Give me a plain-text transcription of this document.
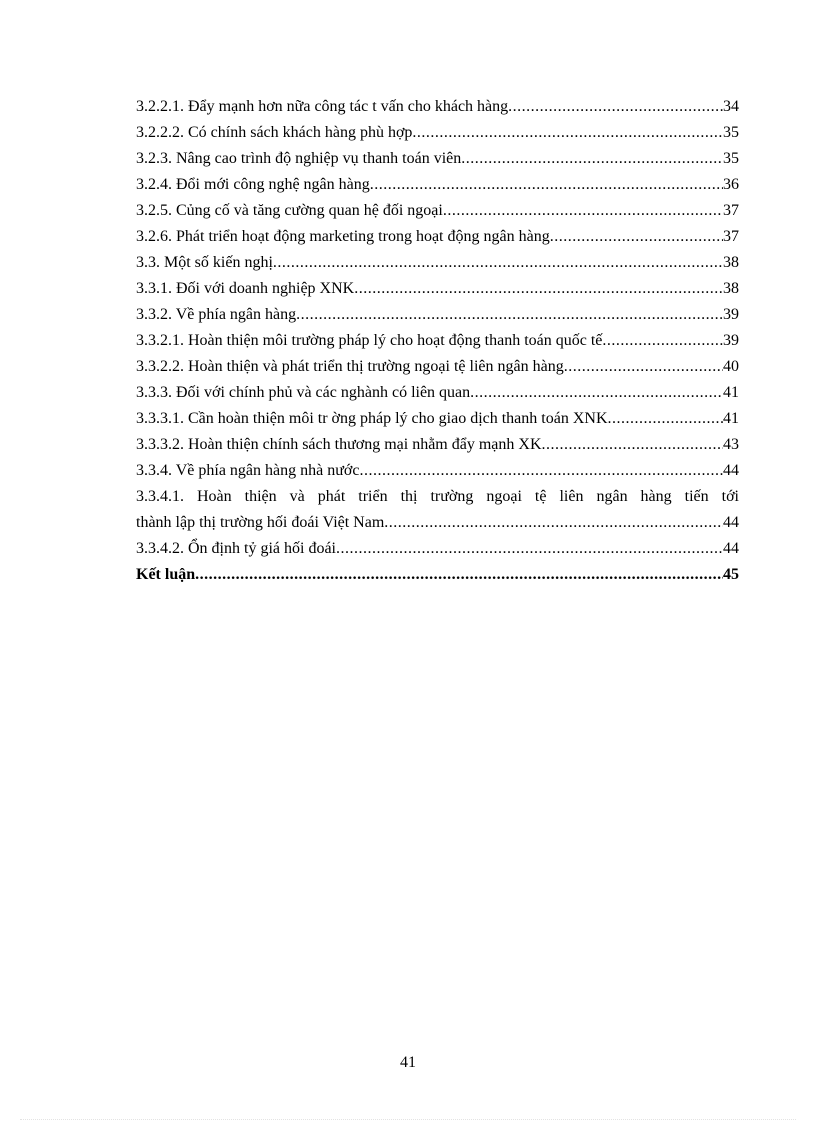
3.2.2.1. Đẩy mạnh hơn nữa công tác t vấn cho khách hàng .....	34
3.2.2.2. Có chính sách khách hàng phù hợp .....	35
3.2.3. Nâng cao trình độ nghiệp vụ thanh toán viên .....	35
3.2.4. Đổi mới công nghệ ngân hàng .....	36
3.2.5. Củng cố và tăng cường quan hệ đối ngoại .....	37
3.2.6. Phát triển hoạt động marketing trong hoạt động ngân hàng .....	37
3.3. Một số kiến nghị .....	38
3.3.1. Đối với doanh nghiệp XNK .....	38
3.3.2. Về phía ngân hàng .....	39
3.3.2.1. Hoàn thiện môi trường pháp lý cho hoạt động thanh toán quốc tế .....	39
3.3.2.2. Hoàn thiện và phát triển thị trường ngoại tệ liên ngân hàng .....	40
3.3.3. Đối với chính phủ và các nghành có liên quan .....	41
3.3.3.1. Cần hoàn thiện môi tr ờng pháp lý cho giao dịch thanh toán XNK .....	41
3.3.3.2. Hoàn thiện chính sách thương mại nhằm đẩy mạnh XK .....	43
3.3.4. Về phía ngân hàng nhà nước .....	44
3.3.4.1. Hoàn thiện và phát triển thị trường ngoại tệ liên ngân hàng tiến tới
thành lập thị trường hối đoái Việt Nam .....	44
3.3.4.2. Ổn định tỷ giá hối đoái .....	44
Kết luận .....	45
41
